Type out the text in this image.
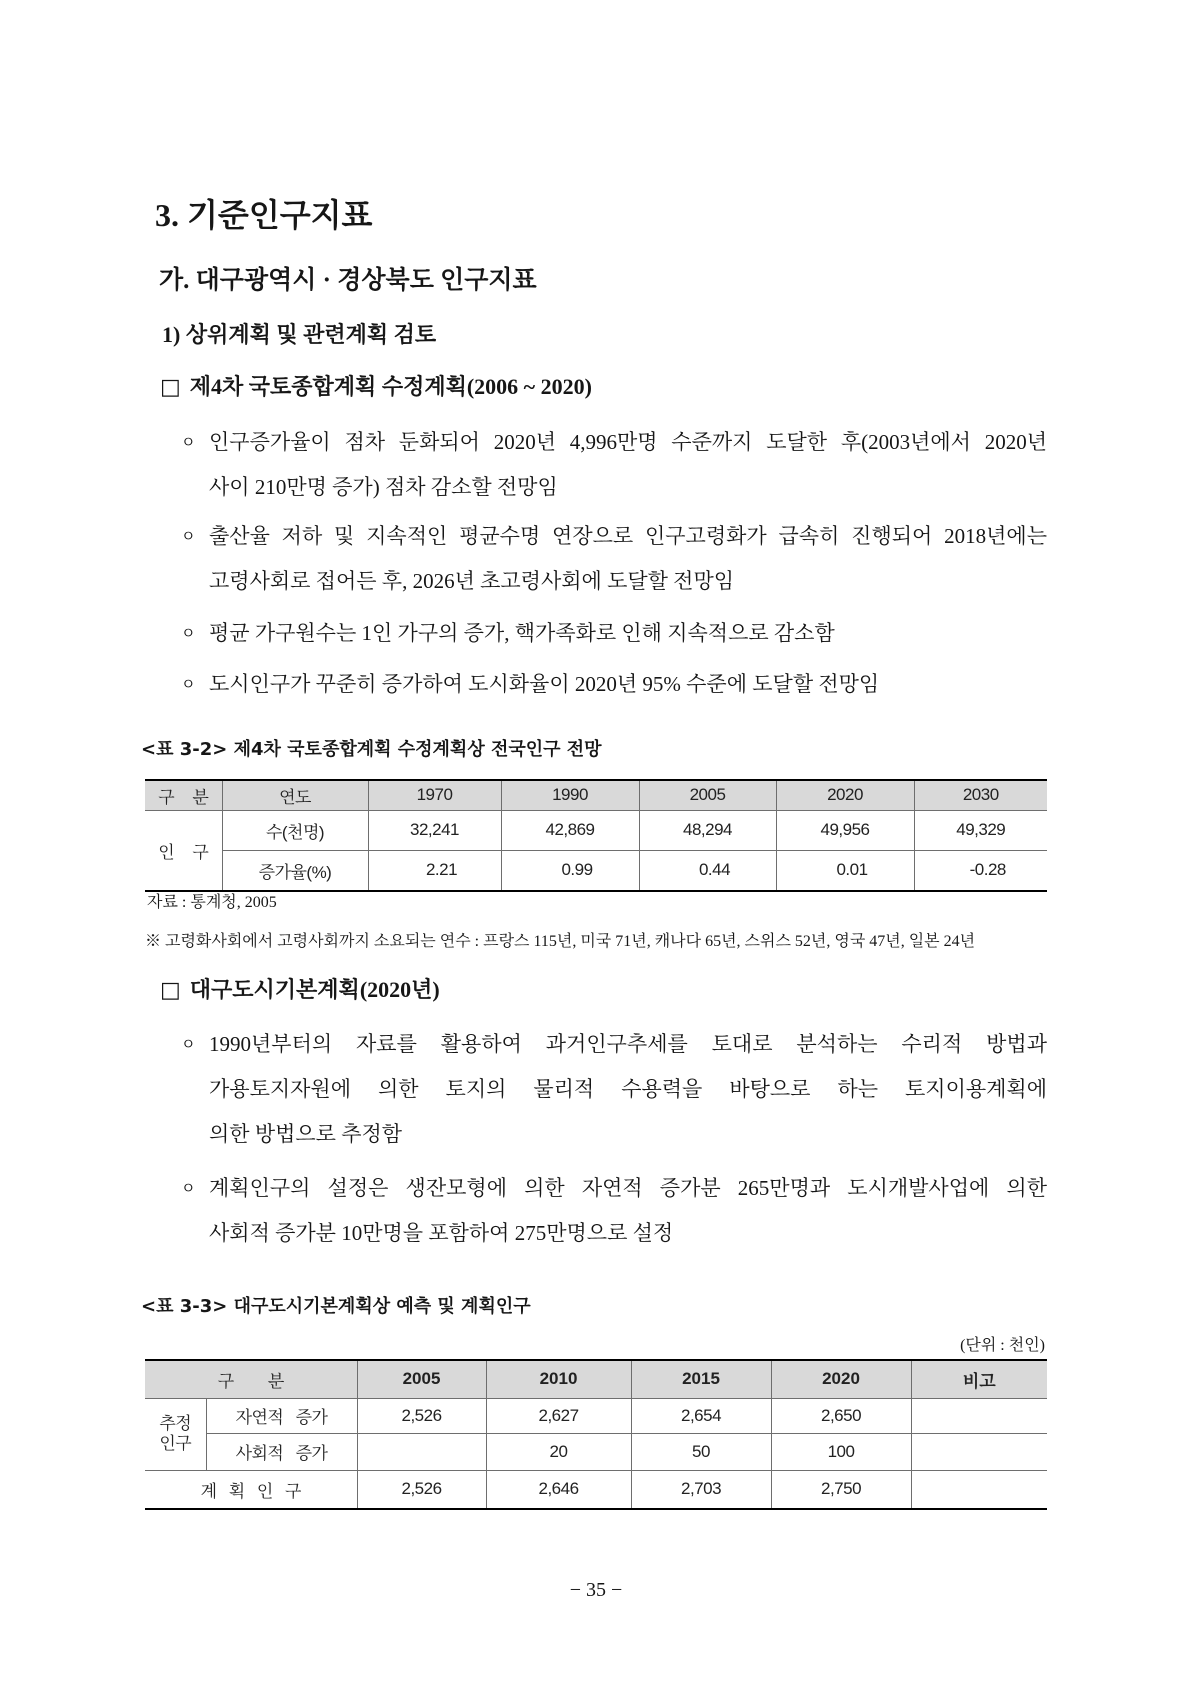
3. 기준인구지표
가. 대구광역시 · 경상북도 인구지표
1) 상위계획 및 관련계획 검토
□ 제4차 국토종합계획 수정계획(2006 ~ 2020)
ㅇ 인구증가율이 점차 둔화되어 2020년 4,996만명 수준까지 도달한 후(2003년에서 2020년
사이 210만명 증가) 점차 감소할 전망임
ㅇ 출산율 저하 및 지속적인 평균수명 연장으로 인구고령화가 급속히 진행되어 2018년에는
고령사회로 접어든 후, 2026년 초고령사회에 도달할 전망임
ㅇ 평균 가구원수는 1인 가구의 증가, 핵가족화로 인해 지속적으로 감소함
ㅇ 도시인구가 꾸준히 증가하여 도시화율이 2020년 95% 수준에 도달할 전망임
<표 3-2> 제4차 국토종합계획 수정계획상 전국인구 전망
구 분	연도	1970	1990	2005	2020	2030
인 구	수(천명)	32,241	42,869	48,294	49,956	49,329
	증가율(%)	2.21	0.99	0.44	0.01	-0.28
자료 : 통계청, 2005
※ 고령화사회에서 고령사회까지 소요되는 연수 : 프랑스 115년, 미국 71년, 캐나다 65년, 스위스 52년, 영국 47년, 일본 24년
□ 대구도시기본계획(2020년)
ㅇ 1990년부터의 자료를 활용하여 과거인구추세를 토대로 분석하는 수리적 방법과
가용토지자원에 의한 토지의 물리적 수용력을 바탕으로 하는 토지이용계획에
의한 방법으로 추정함
ㅇ 계획인구의 설정은 생잔모형에 의한 자연적 증가분 265만명과 도시개발사업에 의한
사회적 증가분 10만명을 포함하여 275만명으로 설정
<표 3-3> 대구도시기본계획상 예측 및 계획인구
(단위 : 천인)
구 분		2005	2010	2015	2020	비고

추정
인구	자연적 증가	2,526	2,627	2,654	2,650	
	사회적 증가		20	50	100	
계 획 인 구		2,526	2,646	2,703	2,750	
− 35 −
